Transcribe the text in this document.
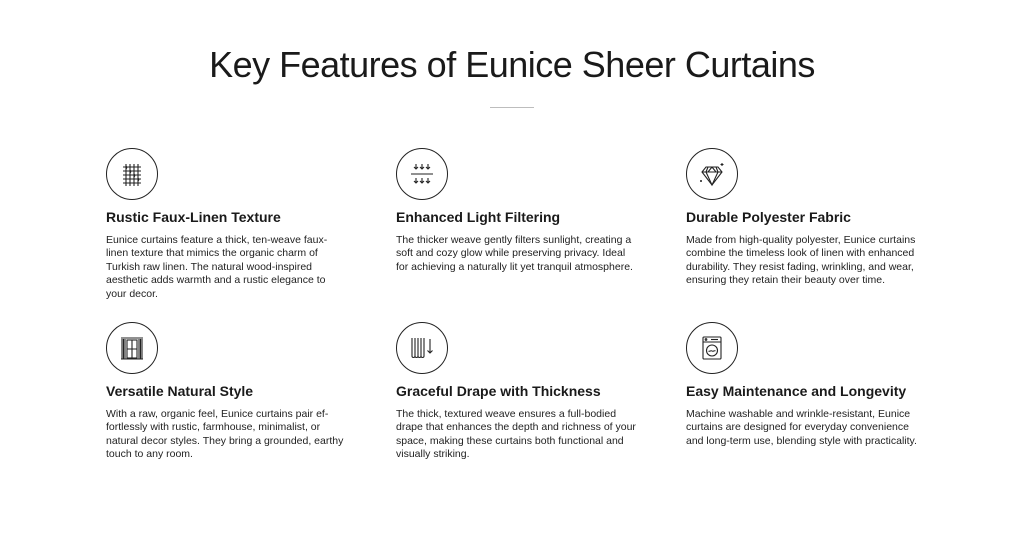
Key Features of Eunice Sheer Curtains
Rustic Faux-Linen Texture
Eunice curtains feature a thick, ten-weave faux-linen texture that mimics the organic charm of Turkish raw linen. The natural wood-inspired aesthetic adds warmth and a rustic elegance to your decor.
Enhanced Light Filtering
The thicker weave gently filters sunlight, creating a soft and cozy glow while preserving privacy. Ideal for achieving a naturally lit yet tranquil atmosphere.
Durable Polyester Fabric
Made from high-quality polyester, Eunice curtains combine the timeless look of linen with enhanced durability. They resist fading, wrinkling, and wear, ensuring they retain their beauty over time.
Versatile Natural Style
With a raw, organic feel, Eunice curtains pair effortlessly with rustic, farmhouse, minimalist, or natural decor styles. They bring a grounded, earthy touch to any room.
Graceful Drape with Thickness
The thick, textured weave ensures a full-bodied drape that enhances the depth and richness of your space, making these curtains both functional and visually striking.
Easy Maintenance and Longevity
Machine washable and wrinkle-resistant, Eunice curtains are designed for everyday convenience and long-term use, blending style with practicality.
